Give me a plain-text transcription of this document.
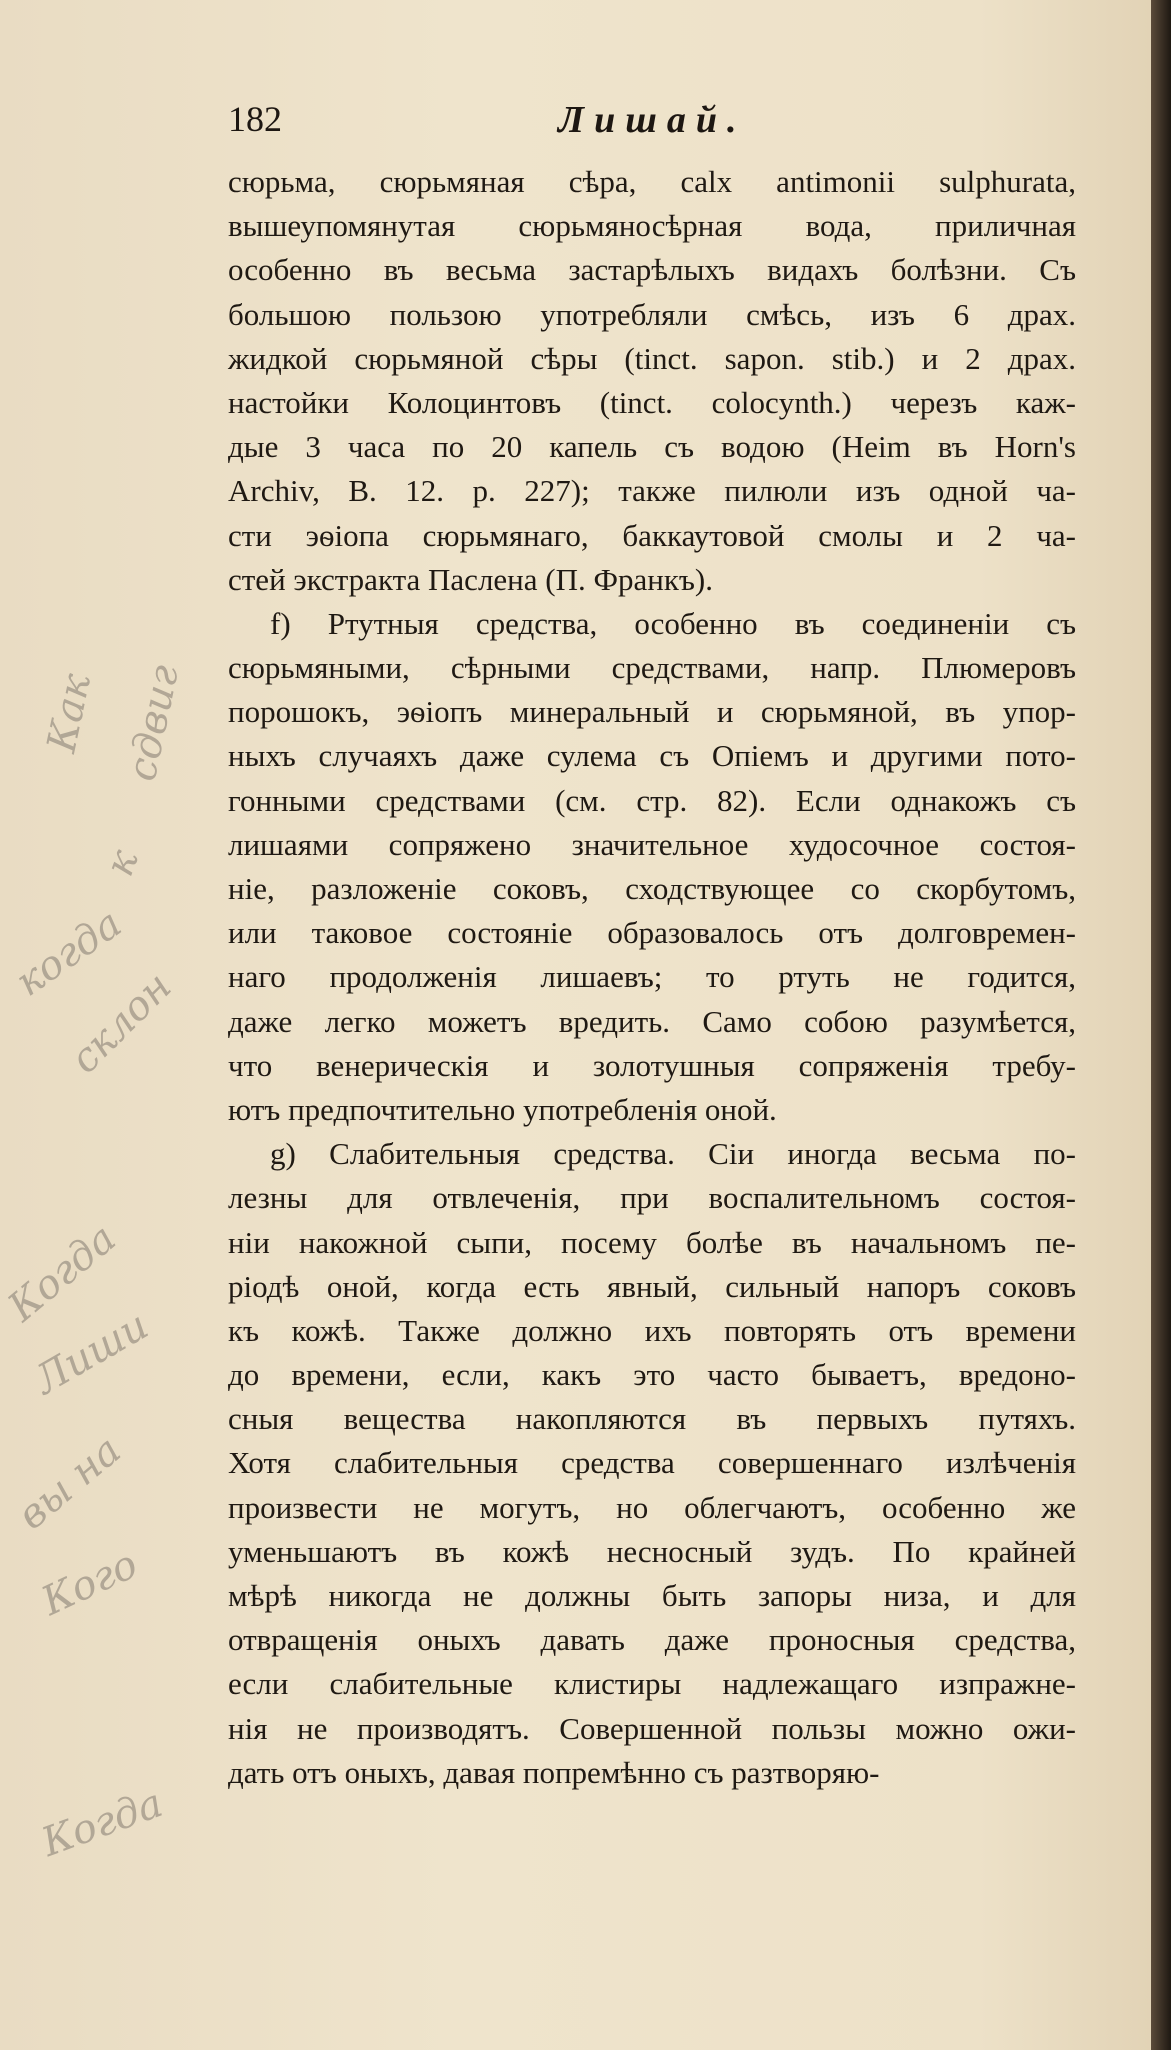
182	Лишай.
сюрьма, сюрьмяная сѣра, calx antimonii sulphurata,
вышеупомянутая сюрьмяносѣрная вода, приличная
особенно въ весьма застарѣлыхъ видахъ болѣзни. Съ
большою пользою употребляли смѣсь, изъ 6 драх.
жидкой сюрьмяной сѣры (tinct. sapon. stib.) и 2 драх.
настойки Колоцинтовъ (tinct. colocynth.) черезъ каж-
дые 3 часа по 20 капель съ водою (Heim въ Horn's
Archiv, B. 12. p. 227); также пилюли изъ одной ча-
сти эѳіопа сюрьмянаго, баккаутовой смолы и 2 ча-
стей экстракта Паслена (П. Франкъ).
f) Ртутныя средства, особенно въ соединеніи съ
сюрьмяными, сѣрными средствами, напр. Плюмеровъ
порошокъ, эѳіопъ минеральный и сюрьмяной, въ упор-
ныхъ случаяхъ даже сулема съ Опіемъ и другими пото-
гонными средствами (см. стр. 82). Если однакожъ съ
лишаями сопряжено значительное худосочное состоя-
ніе, разложеніе соковъ, сходствующее со скорбутомъ,
или таковое состояніе образовалось отъ долговремен-
наго продолженія лишаевъ; то ртуть не годится,
даже легко можетъ вредить. Само собою разумѣется,
что венерическія и золотушныя сопряженія требу-
ютъ предпочтительно употребленія оной.
g) Слабительныя средства. Сіи иногда весьма по-
лезны для отвлеченія, при воспалительномъ состоя-
ніи накожной сыпи, посему болѣе въ начальномъ пе-
ріодѣ оной, когда есть явный, сильный напоръ соковъ
къ кожѣ. Также должно ихъ повторять отъ времени
до времени, если, какъ это часто бываетъ, вредоно-
сныя вещества накопляются въ первыхъ путяхъ.
Хотя слабительныя средства совершеннаго излѣченія
произвести не могутъ, но облегчаютъ, особенно же
уменьшаютъ въ кожѣ несносный зудъ. По крайней
мѣрѣ никогда не должны быть запоры низа, и для
отвращенія оныхъ давать даже проносныя средства,
если слабительные клистиры надлежащаго изпражне-
нія не производятъ. Совершенной пользы можно ожи-
дать отъ оныхъ, давая попремѣнно съ разтворяю-
Как сдвиг
к
когда
склон
Когда
Лиши
вы на
Кого
Когда
